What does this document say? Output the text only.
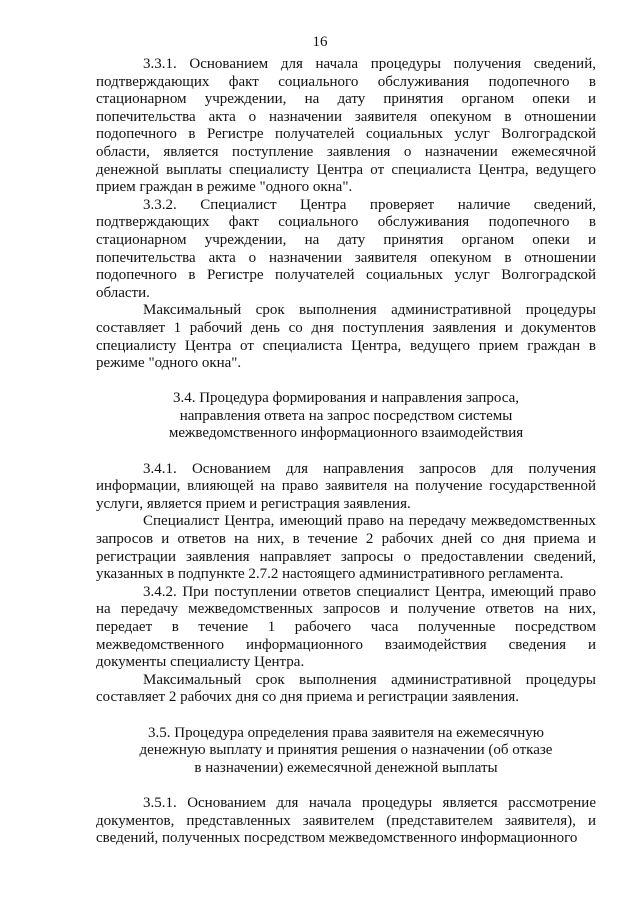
16

3.3.1. Основанием для начала процедуры получения сведений, подтверждающих факт социального обслуживания подопечного в стационарном учреждении, на дату принятия органом опеки и попечительства акта о назначении заявителя опекуном в отношении подопечного в Регистре получателей социальных услуг Волгоградской области, является поступление заявления о назначении ежемесячной денежной выплаты специалисту Центра от специалиста Центра, ведущего прием граждан в режиме "одного окна".

3.3.2. Специалист Центра проверяет наличие сведений, подтверждающих факт социального обслуживания подопечного в стационарном учреждении, на дату принятия органом опеки и попечительства акта о назначении заявителя опекуном в отношении подопечного в Регистре получателей социальных услуг Волгоградской области.

Максимальный срок выполнения административной процедуры составляет 1 рабочий день со дня поступления заявления и документов специалисту Центра от специалиста Центра, ведущего прием граждан в режиме "одного окна".

3.4. Процедура формирования и направления запроса,
направления ответа на запрос посредством системы
межведомственного информационного взаимодействия

3.4.1. Основанием для направления запросов для получения информации, влияющей на право заявителя на получение государственной услуги, является прием и регистрация заявления.

Специалист Центра, имеющий право на передачу межведомственных запросов и ответов на них, в течение 2 рабочих дней со дня приема и регистрации заявления направляет запросы о предоставлении сведений, указанных в подпункте 2.7.2 настоящего административного регламента.

3.4.2. При поступлении ответов специалист Центра, имеющий право на передачу межведомственных запросов и получение ответов на них, передает в течение 1 рабочего часа полученные посредством межведомственного информационного взаимодействия сведения и документы специалисту Центра.

Максимальный срок выполнения административной процедуры составляет 2 рабочих дня со дня приема и регистрации заявления.

3.5. Процедура определения права заявителя на ежемесячную
денежную выплату и принятия решения о назначении (об отказе
в назначении) ежемесячной денежной выплаты

3.5.1. Основанием для начала процедуры является рассмотрение документов, представленных заявителем (представителем заявителя), и сведений, полученных посредством межведомственного информационного
